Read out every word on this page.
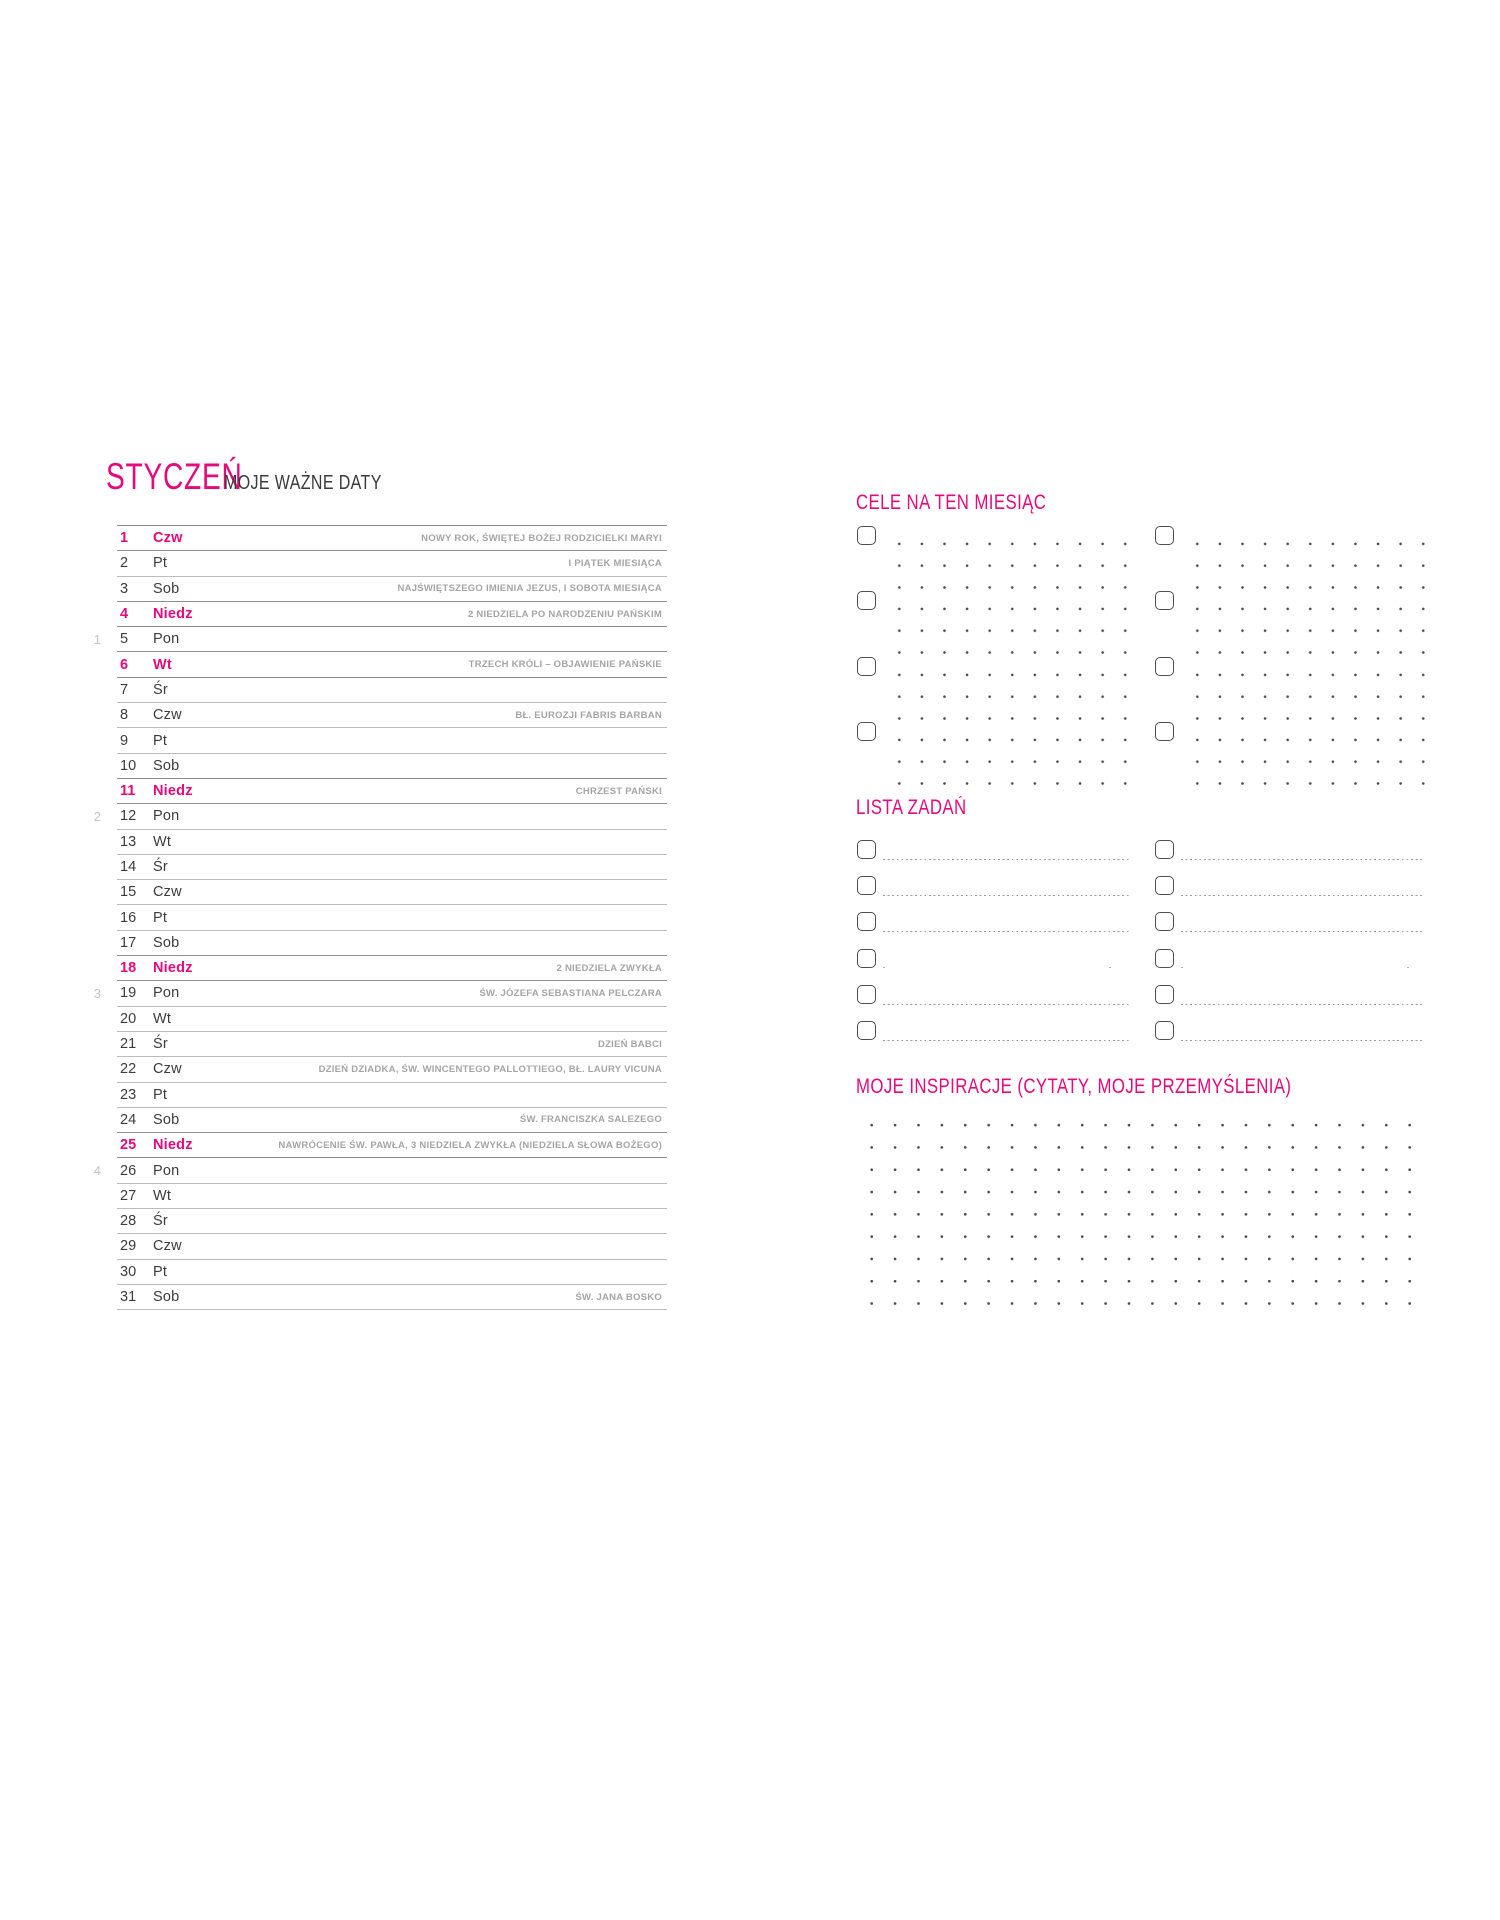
STYCZEŃ
MOJE WAŻNE DATY
1	Czw	NOWY ROK, ŚWIĘTEJ BOŻEJ RODZICIELKI MARYI
2	Pt	I PIĄTEK MIESIĄCA
3	Sob	NAJŚWIĘTSZEGO IMIENIA JEZUS, I SOBOTA MIESIĄCA
4	Niedz	2 NIEDZIELA PO NARODZENIU PAŃSKIM
1 5	Pon
6	Wt	TRZECH KRÓLI – OBJAWIENIE PAŃSKIE
7	Śr
8	Czw	BŁ. EUROZJI FABRIS BARBAN
9	Pt
10	Sob
11	Niedz	CHRZEST PAŃSKI
2 12	Pon
13	Wt
14	Śr
15	Czw
16	Pt
17	Sob
18	Niedz	2 NIEDZIELA ZWYKŁA
3 19	Pon	ŚW. JÓZEFA SEBASTIANA PELCZARA
20	Wt
21	Śr	DZIEŃ BABCI
22	Czw	DZIEŃ DZIADKA, ŚW. WINCENTEGO PALLOTTIEGO, BŁ. LAURY VICUNA
23	Pt
24	Sob	ŚW. FRANCISZKA SALEZEGO
25	Niedz	NAWRÓCENIE ŚW. PAWŁA, 3 NIEDZIELA ZWYKŁA (NIEDZIELA SŁOWA BOŻEGO)
4 26	Pon
27	Wt
28	Śr
29	Czw
30	Pt
31	Sob	ŚW. JANA BOSKO
CELE NA TEN MIESIĄC
LISTA ZADAŃ
MOJE INSPIRACJE (CYTATY, MOJE PRZEMYŚLENIA)
